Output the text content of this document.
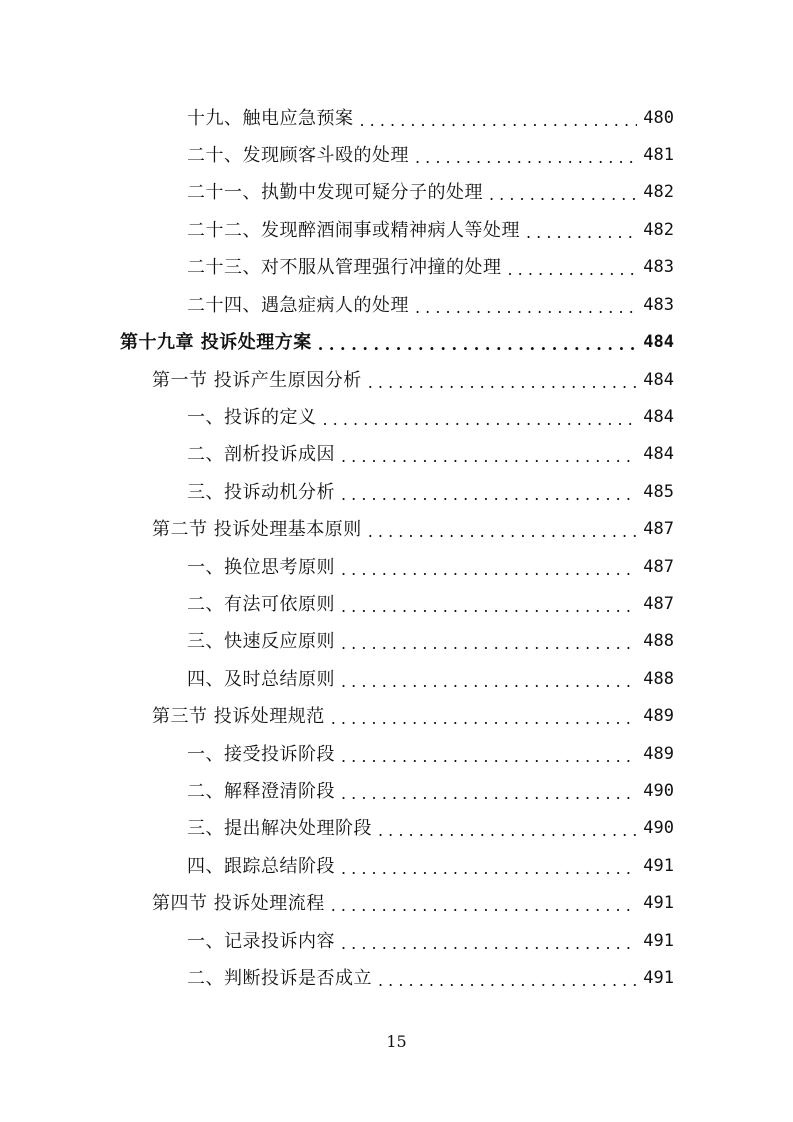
十九、触电应急预案 . . .	480
二十、发现顾客斗殴的处理 . . .	481
二十一、执勤中发现可疑分子的处理 . . .	482
二十二、发现醉酒闹事或精神病人等处理 . . .	482
二十三、对不服从管理强行冲撞的处理 . . .	483
二十四、遇急症病人的处理 . . .	483
第十九章 投诉处理方案 . . .	484
第一节 投诉产生原因分析 . . .	484
一、投诉的定义 . . .	484
二、剖析投诉成因 . . .	484
三、投诉动机分析 . . .	485
第二节 投诉处理基本原则 . . .	487
一、换位思考原则 . . .	487
二、有法可依原则 . . .	487
三、快速反应原则 . . .	488
四、及时总结原则 . . .	488
第三节 投诉处理规范 . . .	489
一、接受投诉阶段 . . .	489
二、解释澄清阶段 . . .	490
三、提出解决处理阶段 . . .	490
四、跟踪总结阶段 . . .	491
第四节 投诉处理流程 . . .	491
一、记录投诉内容 . . .	491
二、判断投诉是否成立 . . .	491
15
